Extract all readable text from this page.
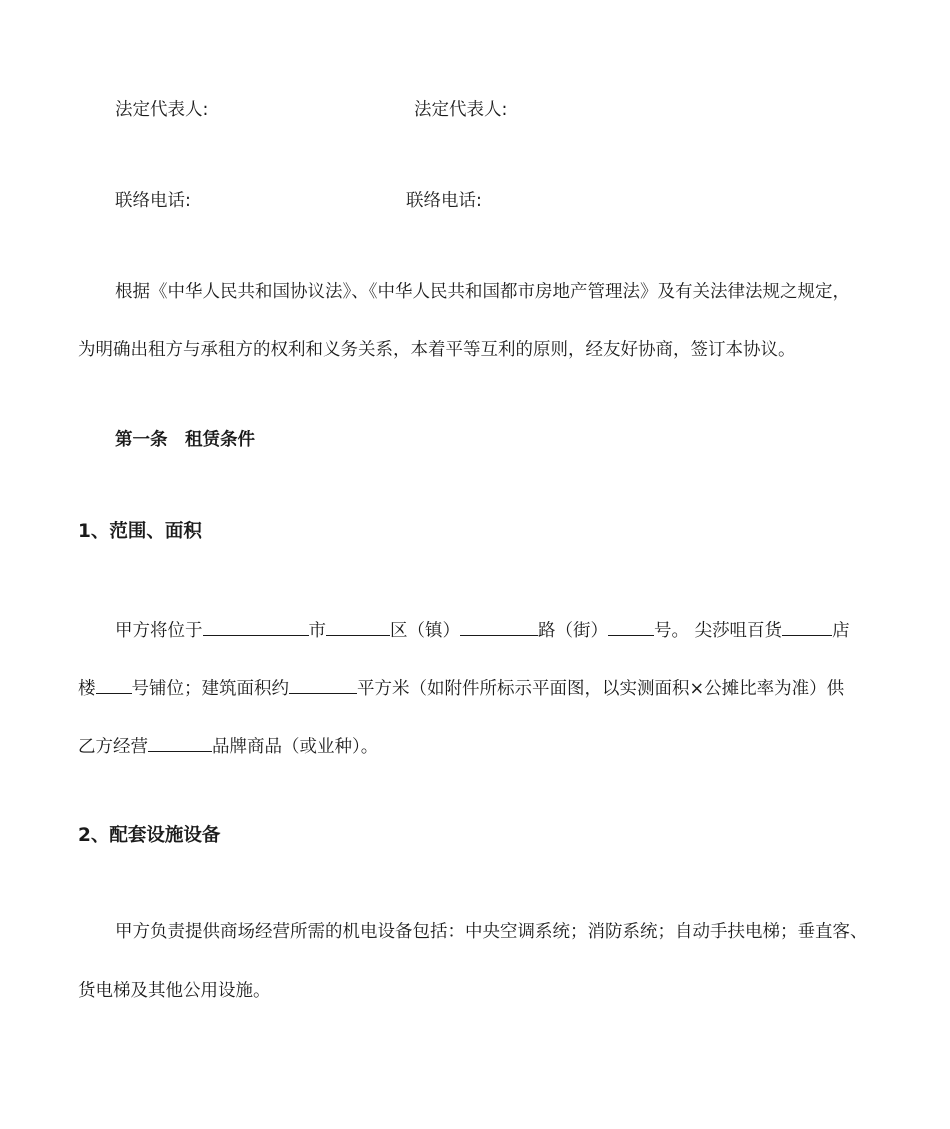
法定代表人:	法定代表人:
联络电话:	联络电话:
根据《中华人民共和国协议法》、《中华人民共和国都市房地产管理法》及有关法律法规之规定，
为明确出租方与承租方的权利和义务关系，本着平等互利的原则，经友好协商，签订本协议。
第一条　租赁条件
1、范围、面积
甲方将位于	市	区（镇）	路（街）	号。 尖莎咀百货	店
楼 号铺位；建筑面积约	平方米（如附件所标示平面图，以实测面积×公摊比率为准）供
乙方经营	品牌商品（或业种）。
2、配套设施设备
甲方负责提供商场经营所需的机电设备包括：中央空调系统；消防系统；自动手扶电梯；垂直客、
货电梯及其他公用设施。
